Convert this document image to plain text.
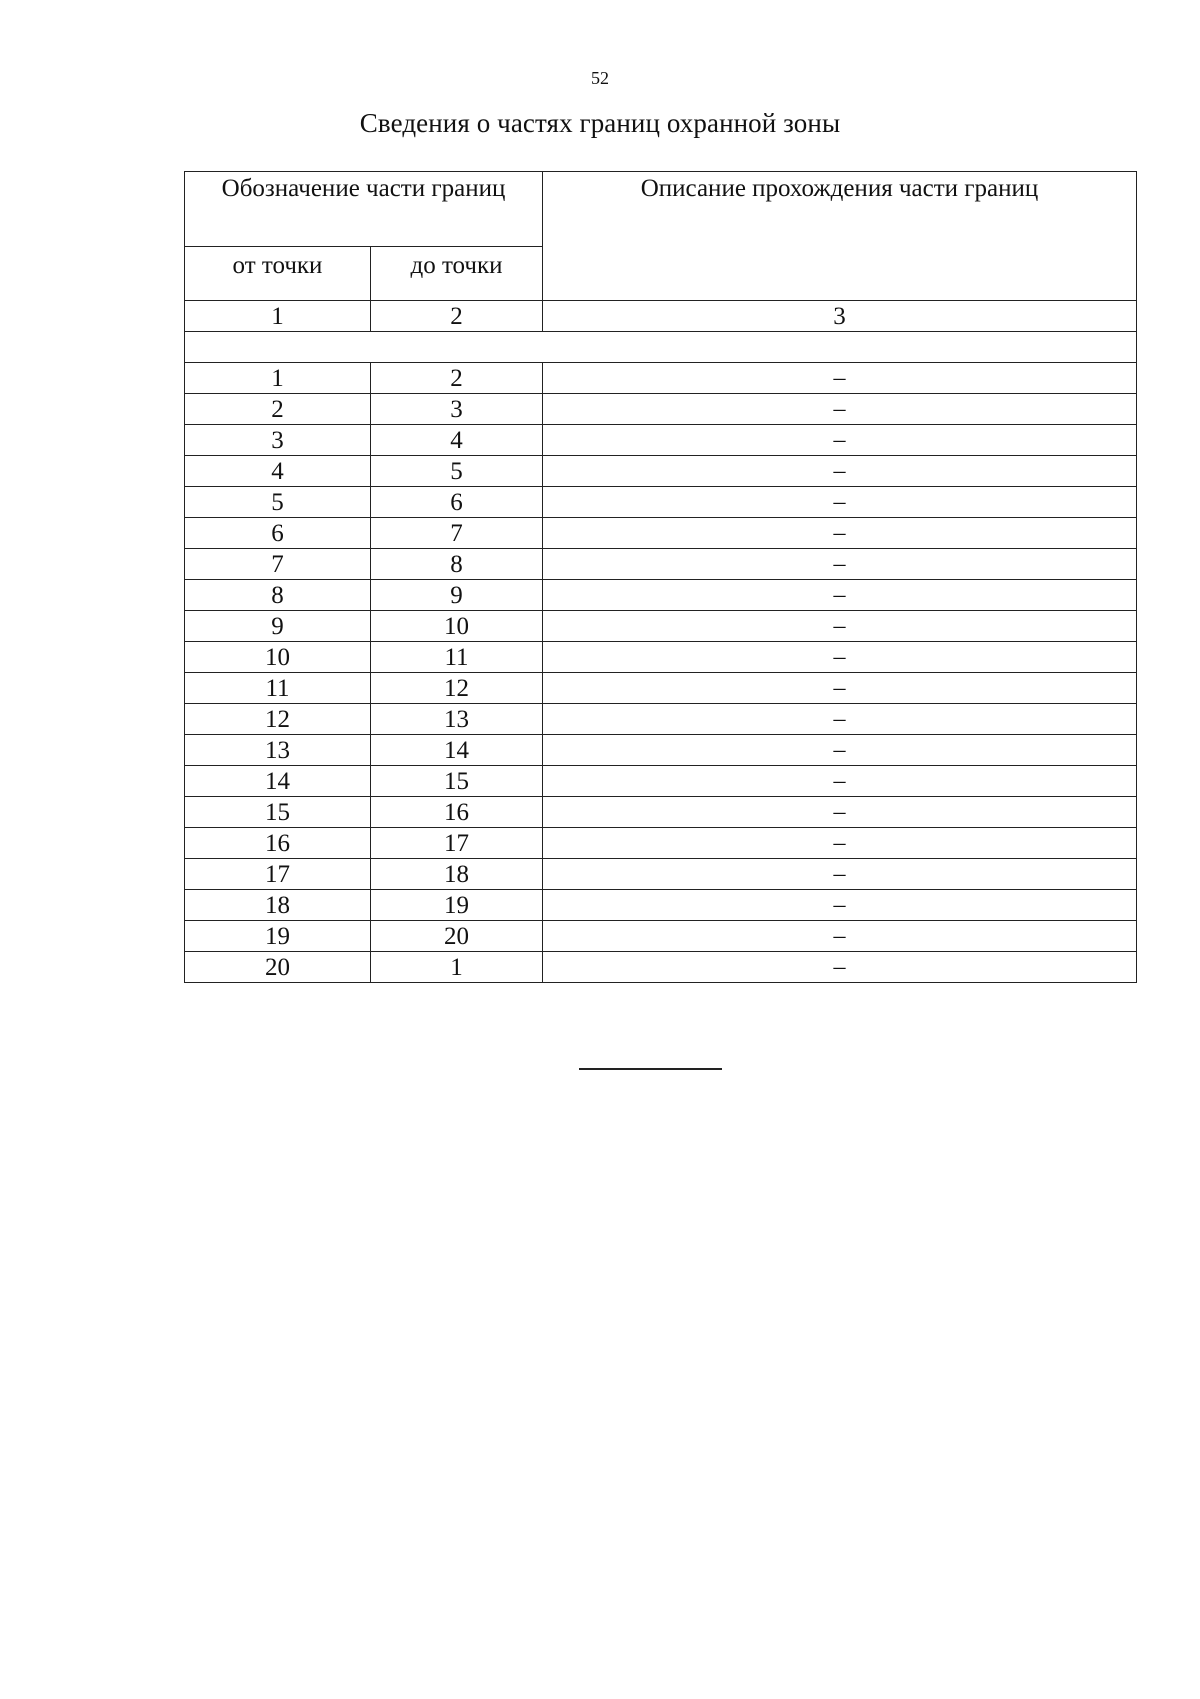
52
Сведения о частях границ охранной зоны
Обозначение части границ		Описание прохождения части границ
от точки	до точки	
1	2	3

1	2	–
2	3	–
3	4	–
4	5	–
5	6	–
6	7	–
7	8	–
8	9	–
9	10	–
10	11	–
11	12	–
12	13	–
13	14	–
14	15	–
15	16	–
16	17	–
17	18	–
18	19	–
19	20	–
20	1	–
